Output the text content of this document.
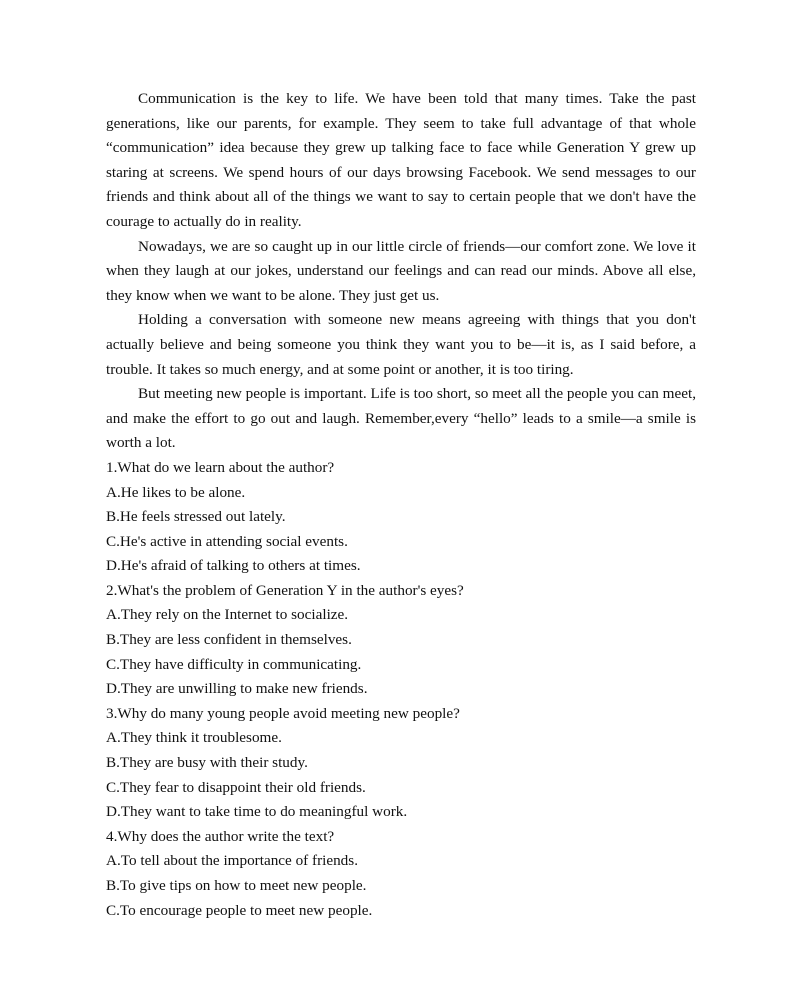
Communication is the key to life. We have been told that many times. Take the past generations, like our parents, for example. They seem to take full advantage of that whole “communication” idea because they grew up talking face to face while Generation Y grew up staring at screens. We spend hours of our days browsing Facebook. We send messages to our friends and think about all of the things we want to say to certain people that we don't have the courage to actually do in reality.

Nowadays, we are so caught up in our little circle of friends—our comfort zone. We love it when they laugh at our jokes, understand our feelings and can read our minds. Above all else, they know when we want to be alone. They just get us.

Holding a conversation with someone new means agreeing with things that you don't actually believe and being someone you think they want you to be—it is, as I said before, a trouble. It takes so much energy, and at some point or another, it is too tiring.

But meeting new people is important. Life is too short, so meet all the people you can meet, and make the effort to go out and laugh. Remember,every “hello” leads to a smile—a smile is worth a lot.

1.What do we learn about the author?

A.He likes to be alone.

B.He feels stressed out lately.

C.He's active in attending social events.

D.He's afraid of talking to others at times.

2.What's the problem of Generation Y in the author's eyes?

A.They rely on the Internet to socialize.

B.They are less confident in themselves.

C.They have difficulty in communicating.

D.They are unwilling to make new friends.

3.Why do many young people avoid meeting new people?

A.They think it troublesome.

B.They are busy with their study.

C.They fear to disappoint their old friends.

D.They want to take time to do meaningful work.

4.Why does the author write the text?

A.To tell about the importance of friends.

B.To give tips on how to meet new people.

C.To encourage people to meet new people.
